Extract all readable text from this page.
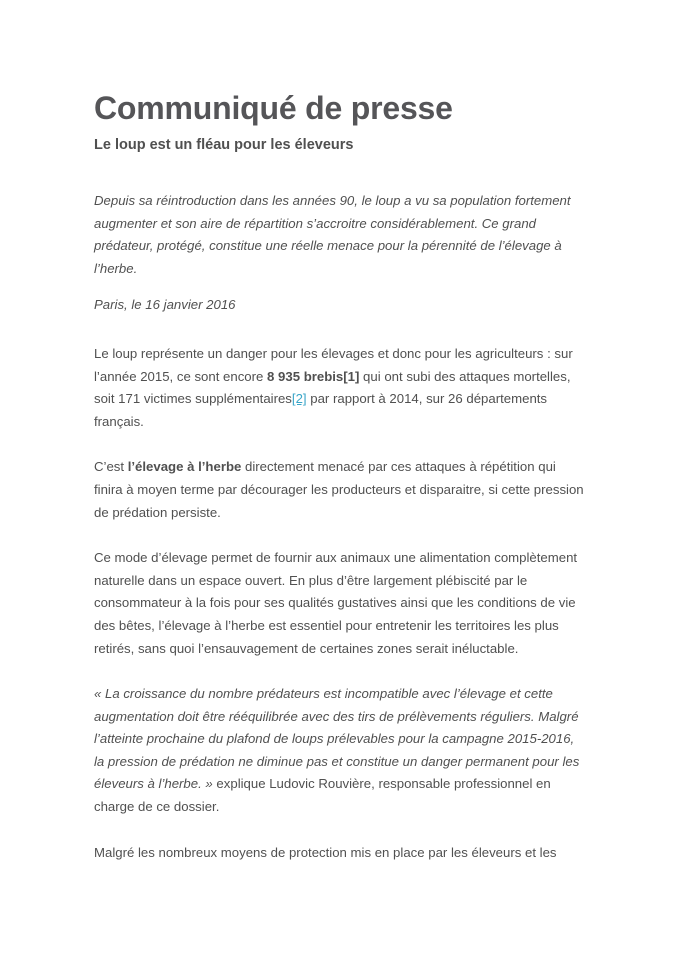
Communiqué de presse
Le loup est un fléau pour les éleveurs

Depuis sa réintroduction dans les années 90, le loup a vu sa population fortement augmenter et son aire de répartition s’accroitre considérablement. Ce grand prédateur, protégé, constitue une réelle menace pour la pérennité de l’élevage à l’herbe.

Paris, le 16 janvier 2016

Le loup représente un danger pour les élevages et donc pour les agriculteurs : sur l’année 2015, ce sont encore 8 935 brebis[1] qui ont subi des attaques mortelles, soit 171 victimes supplémentaires[2] par rapport à 2014, sur 26 départements français.

C’est l’élevage à l’herbe directement menacé par ces attaques à répétition qui finira à moyen terme par décourager les producteurs et disparaitre, si cette pression de prédation persiste.

Ce mode d’élevage permet de fournir aux animaux une alimentation complètement naturelle dans un espace ouvert. En plus d’être largement plébiscité par le consommateur à la fois pour ses qualités gustatives ainsi que les conditions de vie des bêtes, l’élevage à l’herbe est essentiel pour entretenir les territoires les plus retirés, sans quoi l’ensauvagement de certaines zones serait inéluctable.

« La croissance du nombre prédateurs est incompatible avec l’élevage et cette augmentation doit être rééquilibrée avec des tirs de prélèvements réguliers. Malgré l’atteinte prochaine du plafond de loups prélevables pour la campagne 2015-2016, la pression de prédation ne diminue pas et constitue un danger permanent pour les éleveurs à l’herbe. » explique Ludovic Rouvière, responsable professionnel en charge de ce dossier.

Malgré les nombreux moyens de protection mis en place par les éleveurs et les
